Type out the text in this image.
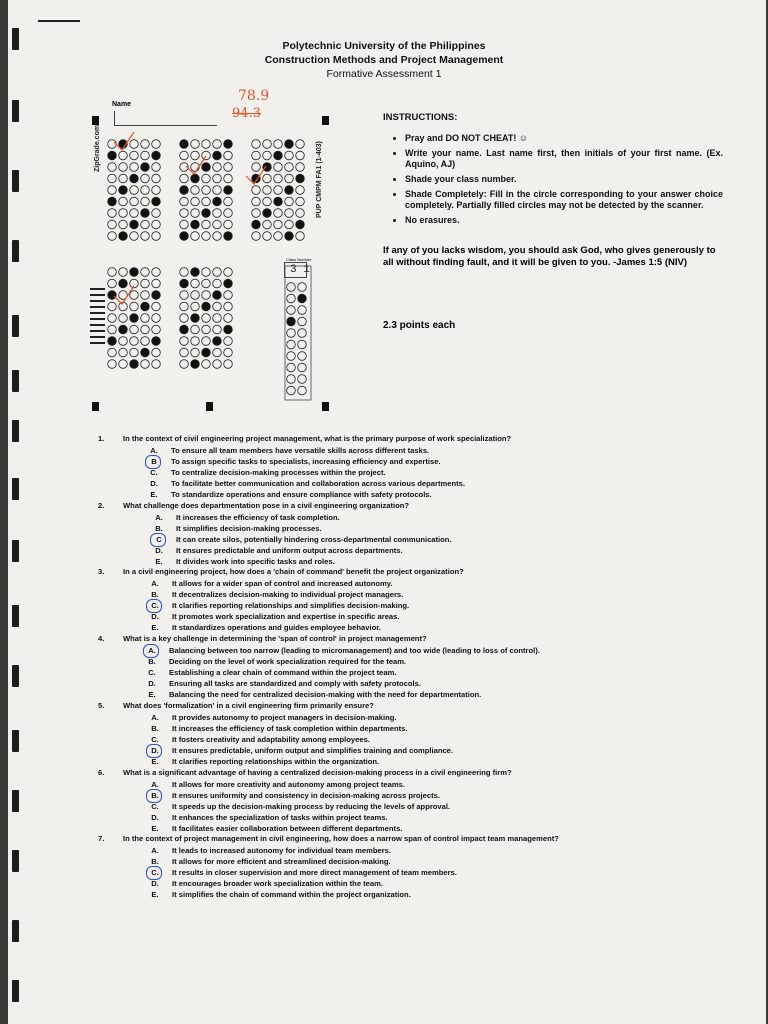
Polytechnic University of the Philippines
Construction Methods and Project Management
Formative Assessment 1
Name
78.9
94.3
ZipGrade.com	PUP CMPM FA1 (1-403)
Class Number
3 1
INSTRUCTIONS:
• Pray and DO NOT CHEAT! ☺
• Write your name. Last name first, then initials of your first name. (Ex. Aquino, AJ)
• Shade your class number.
• Shade Completely: Fill in the circle corresponding to your answer choice completely. Partially filled circles may not be detected by the scanner.
• No erasures.
If any of you lacks wisdom, you should ask God, who gives generously to all without finding fault, and it will be given to you. -James 1:5 (NIV)
2.3 points each
1. In the context of civil engineering project management, what is the primary purpose of work specialization?
A.	To ensure all team members have versatile skills across different tasks.
B	To assign specific tasks to specialists, increasing efficiency and expertise.
C.	To centralize decision-making processes within the project.
D.	To facilitate better communication and collaboration across various departments.
E.	To standardize operations and ensure compliance with safety protocols.
2. What challenge does departmentation pose in a civil engineering organization?
A.	It increases the efficiency of task completion.
B.	It simplifies decision-making processes.
C	It can create silos, potentially hindering cross-departmental communication.
D.	It ensures predictable and uniform output across departments.
E.	It divides work into specific tasks and roles.
3. In a civil engineering project, how does a 'chain of command' benefit the project organization?
A.	It allows for a wider span of control and increased autonomy.
B.	It decentralizes decision-making to individual project managers.
C.	It clarifies reporting relationships and simplifies decision-making.
D.	It promotes work specialization and expertise in specific areas.
E.	It standardizes operations and guides employee behavior.
4. What is a key challenge in determining the 'span of control' in project management?
A.	Balancing between too narrow (leading to micromanagement) and too wide (leading to loss of control).
B.	Deciding on the level of work specialization required for the team.
C.	Establishing a clear chain of command within the project team.
D.	Ensuring all tasks are standardized and comply with safety protocols.
E.	Balancing the need for centralized decision-making with the need for departmentation.
5. What does 'formalization' in a civil engineering firm primarily ensure?
A.	It provides autonomy to project managers in decision-making.
B.	It increases the efficiency of task completion within departments.
C.	It fosters creativity and adaptability among employees.
D.	It ensures predictable, uniform output and simplifies training and compliance.
E.	It clarifies reporting relationships within the organization.
6. What is a significant advantage of having a centralized decision-making process in a civil engineering firm?
A.	It allows for more creativity and autonomy among project teams.
B.	It ensures uniformity and consistency in decision-making across projects.
C.	It speeds up the decision-making process by reducing the levels of approval.
D.	It enhances the specialization of tasks within project teams.
E.	It facilitates easier collaboration between different departments.
7. In the context of project management in civil engineering, how does a narrow span of control impact team management?
A.	It leads to increased autonomy for individual team members.
B.	It allows for more efficient and streamlined decision-making.
C.	It results in closer supervision and more direct management of team members.
D.	It encourages broader work specialization within the team.
E.	It simplifies the chain of command within the project organization.
